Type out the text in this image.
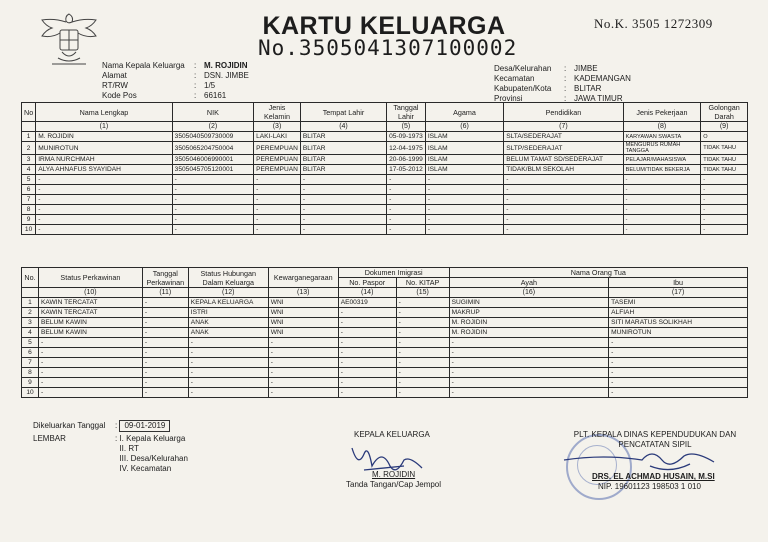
KARTU KELUARGA
No.3505041307100002
No.K. 3505 1272309
Nama Kepala Keluarga : M. ROJIDIN
Alamat	: DSN. JIMBE
RT/RW	: 1/5
Kode Pos	: 66161
Desa/Kelurahan : JIMBE
Kecamatan	: KADEMANGAN
Kabupaten/Kota : BLITAR
Provinsi	: JAWA TIMUR
No	Nama Lengkap	NIK	Jenis Kelamin	Tempat Lahir	Tanggal Lahir	Agama	Pendidikan	Jenis Pekerjaan	Golongan Darah
	(1)	(2)	(3)	(4)	(5)	(6)	(7)	(8)	(9)
1	M. ROJIDIN	3505040509730009	LAKI-LAKI	BLITAR	05-09-1973	ISLAM	SLTA/SEDERAJAT	KARYAWAN SWASTA	O
2	MUNIROTUN	3505065204750004	PEREMPUAN	BLITAR	12-04-1975	ISLAM	SLTP/SEDERAJAT	MENGURUS RUMAH TANGGA	TIDAK TAHU
3	IRMA NURCHMAH	3505046006990001	PEREMPUAN	BLITAR	20-06-1999	ISLAM	BELUM TAMAT SD/SEDERAJAT	PELAJAR/MAHASISWA	TIDAK TAHU
4	ALYA AHNAFUS SYAYIDAH	3505045705120001	PEREMPUAN	BLITAR	17-05-2012	ISLAM	TIDAK/BLM SEKOLAH	BELUM/TIDAK BEKERJA	TIDAK TAHU
5	-	-	-	-	-	-	-	-	-
6	-	-	-	-	-	-	-	-	-
7	-	-	-	-	-	-	-	-	-
8	-	-	-	-	-	-	-	-	-
9	-	-	-	-	-	-	-	-	-
10	-	-	-	-	-	-	-	-	-
No.	Status Perkawinan	Tanggal Perkawinan	Status Hubungan Dalam Keluarga	Kewarganegaraan	Dokumen Imigrasi		Nama Orang Tua	
					No. Paspor	No. KITAP	Ayah	Ibu
	(10)	(11)	(12)	(13)	(14)	(15)	(16)	(17)
1	KAWIN TERCATAT	-	KEPALA KELUARGA	WNI	AE00319	-	SUGIMIN	TASEMI
2	KAWIN TERCATAT	-	ISTRI	WNI	-	-	MAKRUP	ALFIAH
3	BELUM KAWIN	-	ANAK	WNI	-	-	M. ROJIDIN	SITI MARATUS SOLIKHAH
4	BELUM KAWIN	-	ANAK	WNI	-	-	M. ROJIDIN	MUNIROTUN
5	-	-	-	-	-	-	-	-
6	-	-	-	-	-	-	-	-
7	-	-	-	-	-	-	-	-
8	-	-	-	-	-	-	-	-
9	-	-	-	-	-	-	-	-
10	-	-	-	-	-	-	-	-
Dikeluarkan Tanggal : 09-01-2019
LEMBAR	: I. Kepala Keluarga
II. RT
III. Desa/Kelurahan
IV. Kecamatan
KEPALA KELUARGA
M. ROJIDIN
Tanda Tangan/Cap Jempol
PLT. KEPALA DINAS KEPENDUDUKAN DAN
PENCATATAN SIPIL
DRS. EL ACHMAD HUSAIN, M.SI
NIP. 19601123 198503 1 010
